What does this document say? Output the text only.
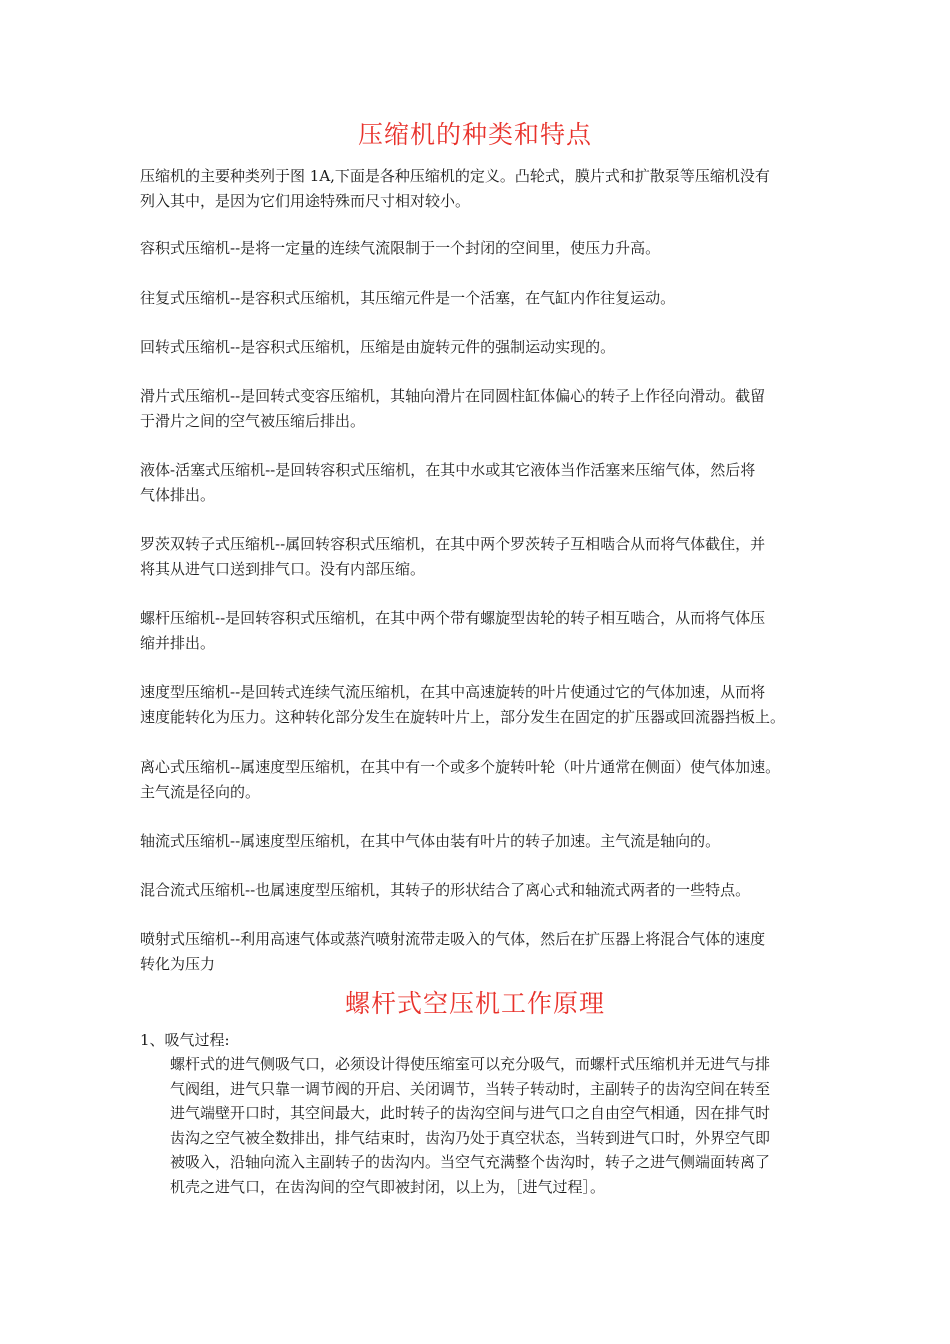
压缩机的种类和特点
压缩机的主要种类列于图 1A,下面是各种压缩机的定义。凸轮式，膜片式和扩散泵等压缩机没有
列入其中，是因为它们用途特殊而尺寸相对较小。
容积式压缩机--是将一定量的连续气流限制于一个封闭的空间里，使压力升高。
往复式压缩机--是容积式压缩机，其压缩元件是一个活塞，在气缸内作往复运动。
回转式压缩机--是容积式压缩机，压缩是由旋转元件的强制运动实现的。
滑片式压缩机--是回转式变容压缩机，其轴向滑片在同圆柱缸体偏心的转子上作径向滑动。截留
于滑片之间的空气被压缩后排出。
液体-活塞式压缩机--是回转容积式压缩机，在其中水或其它液体当作活塞来压缩气体，然后将
气体排出。
罗茨双转子式压缩机--属回转容积式压缩机，在其中两个罗茨转子互相啮合从而将气体截住，并
将其从进气口送到排气口。没有内部压缩。
螺杆压缩机--是回转容积式压缩机，在其中两个带有螺旋型齿轮的转子相互啮合，从而将气体压
缩并排出。
速度型压缩机--是回转式连续气流压缩机，在其中高速旋转的叶片使通过它的气体加速，从而将
速度能转化为压力。这种转化部分发生在旋转叶片上，部分发生在固定的扩压器或回流器挡板上。
离心式压缩机--属速度型压缩机，在其中有一个或多个旋转叶轮（叶片通常在侧面）使气体加速。
主气流是径向的。
轴流式压缩机--属速度型压缩机，在其中气体由装有叶片的转子加速。主气流是轴向的。
混合流式压缩机--也属速度型压缩机，其转子的形状结合了离心式和轴流式两者的一些特点。
喷射式压缩机--利用高速气体或蒸汽喷射流带走吸入的气体，然后在扩压器上将混合气体的速度
转化为压力
螺杆式空压机工作原理
1、吸气过程:
螺杆式的进气侧吸气口，必须设计得使压缩室可以充分吸气，而螺杆式压缩机并无进气与排
气阀组，进气只靠一调节阀的开启、关闭调节，当转子转动时，主副转子的齿沟空间在转至
进气端壁开口时，其空间最大，此时转子的齿沟空间与进气口之自由空气相通，因在排气时
齿沟之空气被全数排出，排气结束时，齿沟乃处于真空状态，当转到进气口时，外界空气即
被吸入，沿轴向流入主副转子的齿沟内。当空气充满整个齿沟时，转子之进气侧端面转离了
机壳之进气口，在齿沟间的空气即被封闭，以上为，［进气过程］。
